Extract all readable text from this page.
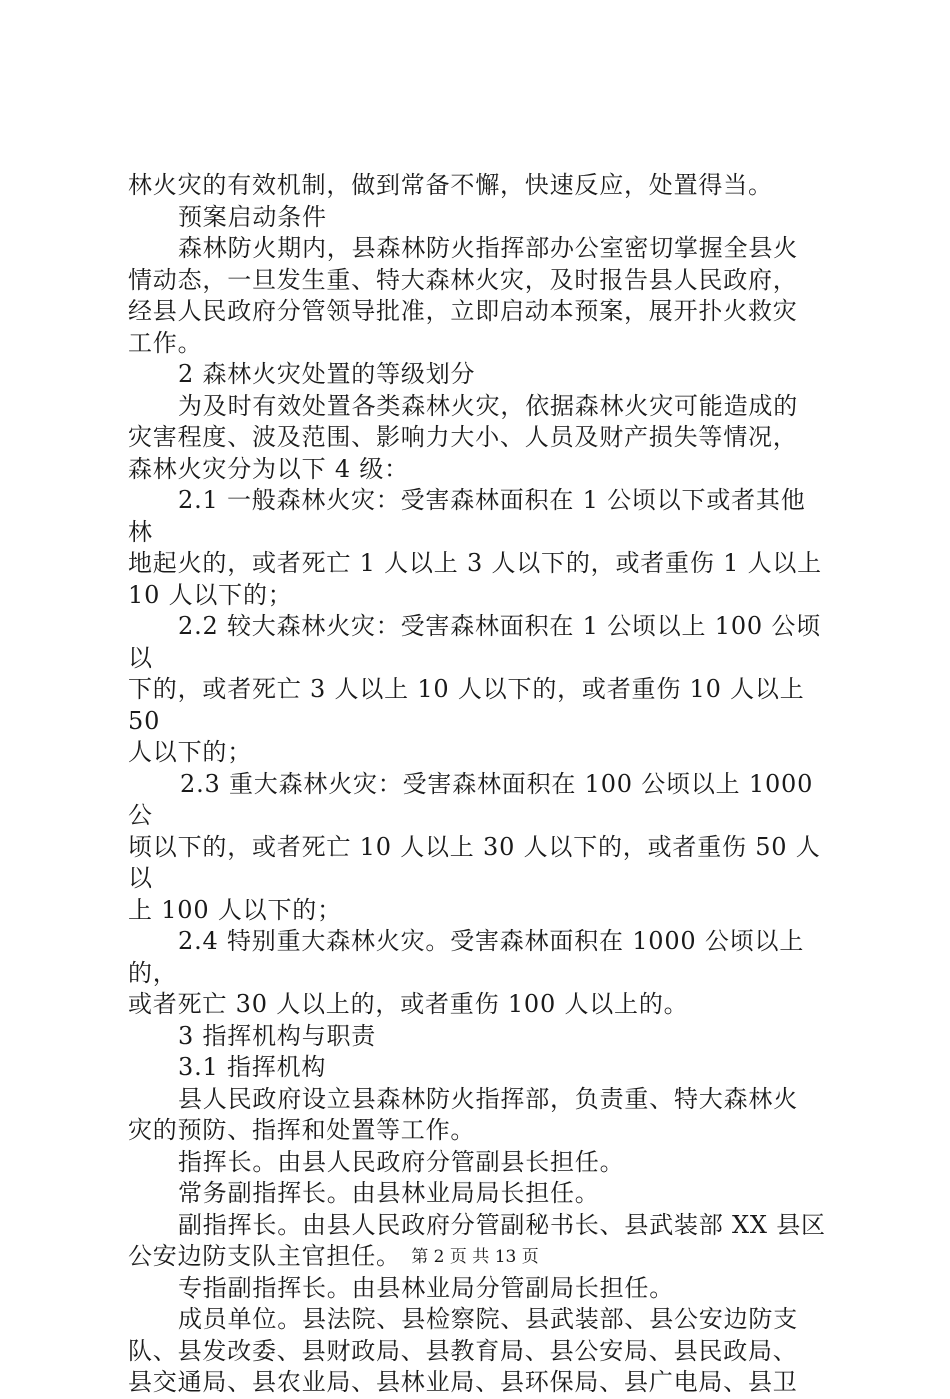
林火灾的有效机制，做到常备不懈，快速反应，处置得当。

预案启动条件

森林防火期内，县森林防火指挥部办公室密切掌握全县火

情动态，一旦发生重、特大森林火灾，及时报告县人民政府，

经县人民政府分管领导批准，立即启动本预案，展开扑火救灾

工作。

2 森林火灾处置的等级划分

为及时有效处置各类森林火灾，依据森林火灾可能造成的

灾害程度、波及范围、影响力大小、人员及财产损失等情况，

森林火灾分为以下 4 级：

2.1 一般森林火灾：受害森林面积在 1 公顷以下或者其他林

地起火的，或者死亡 1 人以上 3 人以下的，或者重伤 1 人以上

10 人以下的；

2.2 较大森林火灾：受害森林面积在 1 公顷以上 100 公顷以

下的，或者死亡 3 人以上 10 人以下的，或者重伤 10 人以上 50

人以下的；

2.3 重大森林火灾：受害森林面积在 100 公顷以上 1000 公

顷以下的，或者死亡 10 人以上 30 人以下的，或者重伤 50 人以

上 100 人以下的；

2.4 特别重大森林火灾。受害森林面积在 1000 公顷以上的，

或者死亡 30 人以上的，或者重伤 100 人以上的。

3 指挥机构与职责

3.1 指挥机构

县人民政府设立县森林防火指挥部，负责重、特大森林火

灾的预防、指挥和处置等工作。

指挥长。由县人民政府分管副县长担任。

常务副指挥长。由县林业局局长担任。

副指挥长。由县人民政府分管副秘书长、县武装部 XX 县区

公安边防支队主官担任。

专指副指挥长。由县林业局分管副局长担任。

成员单位。县法院、县检察院、县武装部、县公安边防支

队、县发改委、县财政局、县教育局、县公安局、县民政局、

县交通局、县农业局、县林业局、县环保局、县广电局、县卫

第 2 页 共 13 页
